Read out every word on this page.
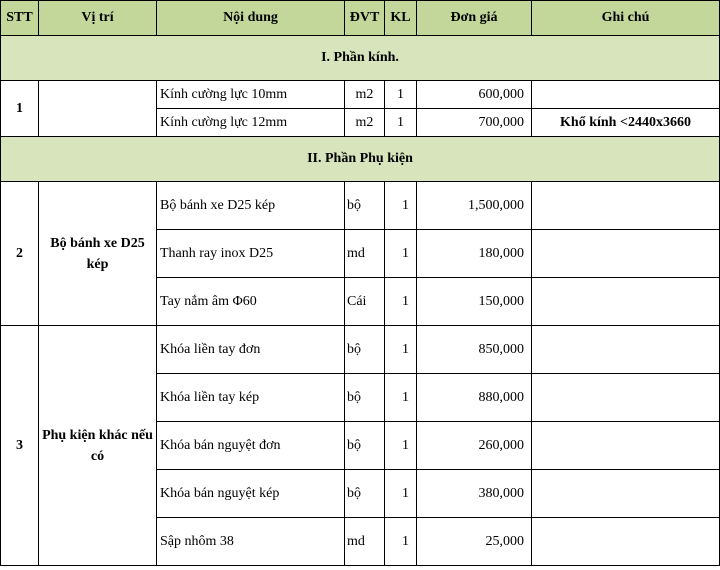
STT	Vị trí	Nội dung	ĐVT	KL	Đơn giá	Ghi chú
I. Phần kính.						
1		Kính cường lực 10mm	m2	1	600,000	
		Kính cường lực 12mm	m2	1	700,000	Khổ kính <2440x3660
II. Phần Phụ kiện						
2	Bộ bánh xe D25 kép	Bộ bánh xe D25 kép	bộ	1	1,500,000	
		Thanh ray inox D25	md	1	180,000	
		Tay nắm âm Φ60	Cái	1	150,000	
3	Phụ kiện khác nếu có	Khóa liền tay đơn	bộ	1	850,000	
		Khóa liền tay kép	bộ	1	880,000	
		Khóa bán nguyệt đơn	bộ	1	260,000	
		Khóa bán nguyệt kép	bộ	1	380,000	
		Sập nhôm 38	md	1	25,000	
